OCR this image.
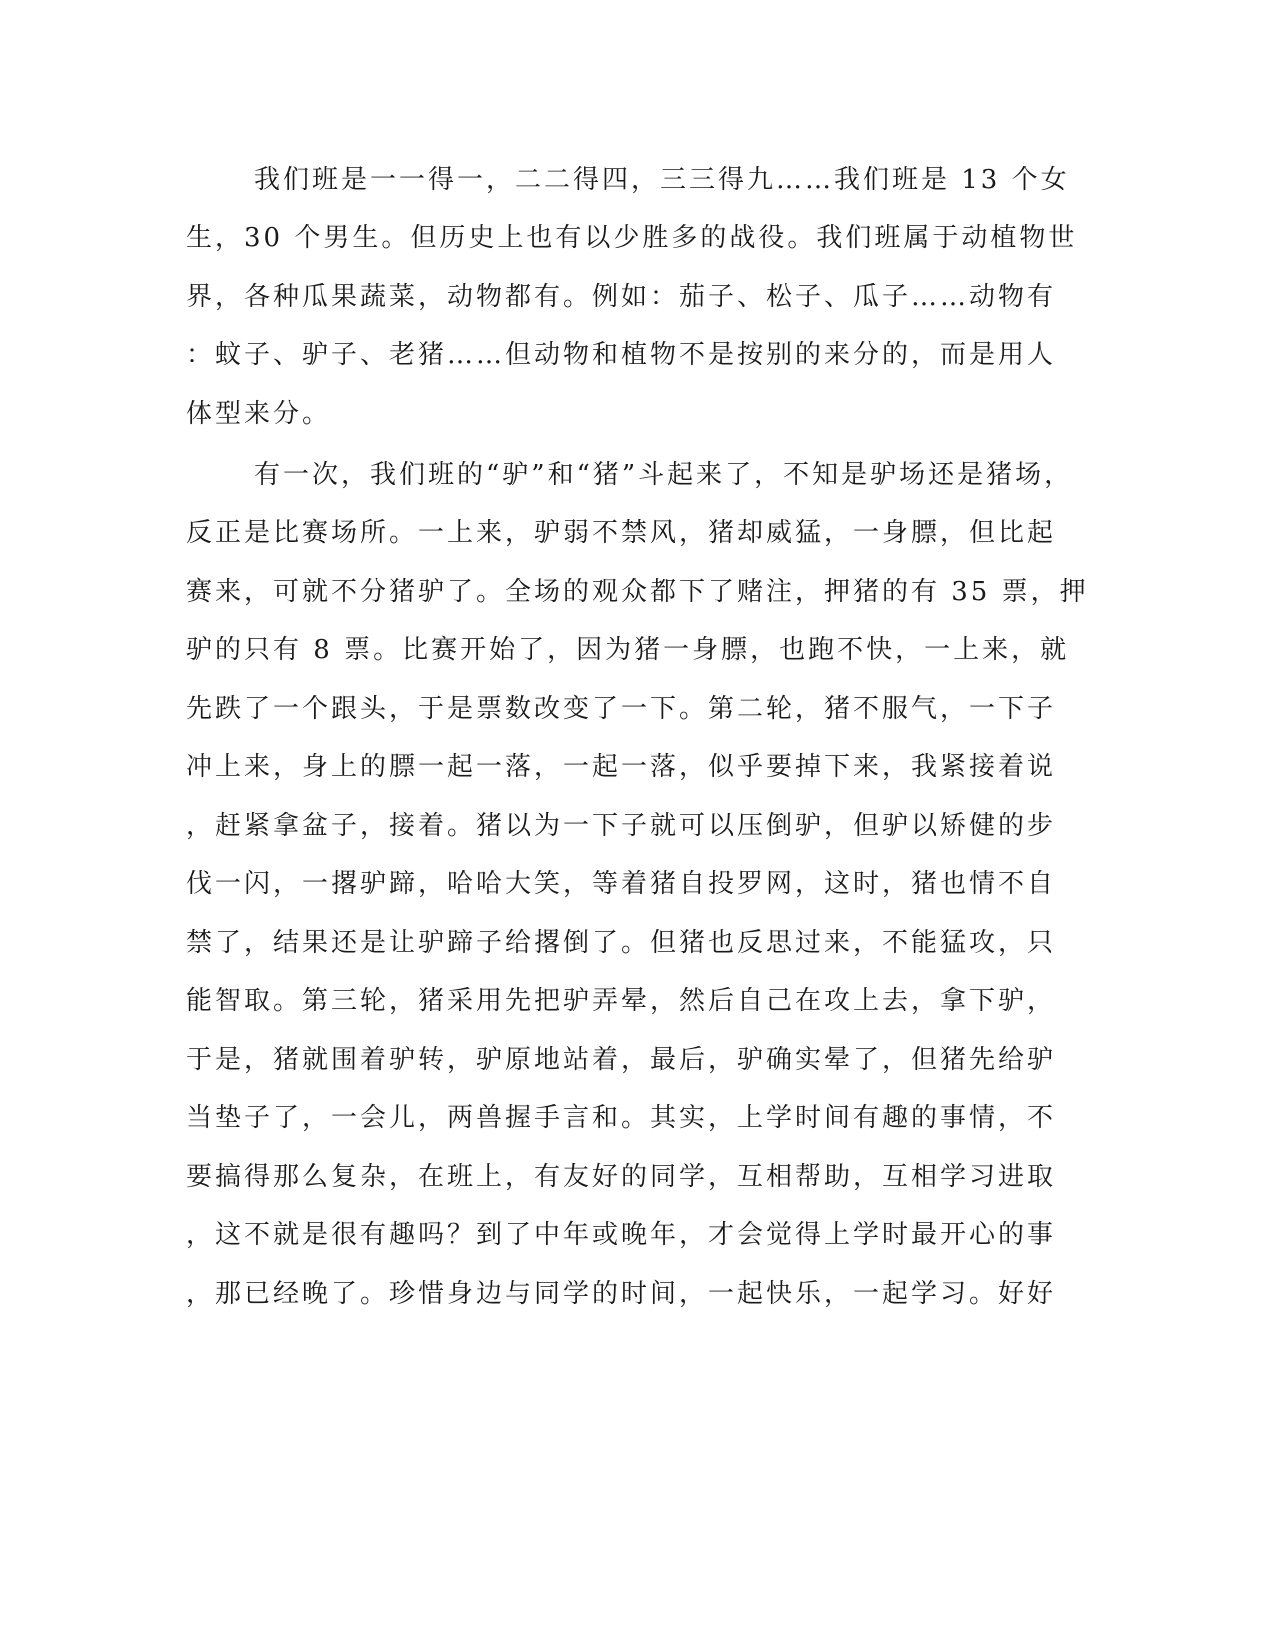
我们班是一一得一，二二得四，三三得九……我们班是 13 个女
生，30 个男生。但历史上也有以少胜多的战役。我们班属于动植物世
界，各种瓜果蔬菜，动物都有。例如：茄子、松子、瓜子……动物有
：蚊子、驴子、老猪……但动物和植物不是按别的来分的，而是用人
体型来分。
有一次，我们班的“驴”和“猪”斗起来了，不知是驴场还是猪场，
反正是比赛场所。一上来，驴弱不禁风，猪却威猛，一身膘，但比起
赛来，可就不分猪驴了。全场的观众都下了赌注，押猪的有 35 票，押
驴的只有 8 票。比赛开始了，因为猪一身膘，也跑不快，一上来，就
先跌了一个跟头，于是票数改变了一下。第二轮，猪不服气，一下子
冲上来，身上的膘一起一落，一起一落，似乎要掉下来，我紧接着说
，赶紧拿盆子，接着。猪以为一下子就可以压倒驴，但驴以矫健的步
伐一闪，一撂驴蹄，哈哈大笑，等着猪自投罗网，这时，猪也情不自
禁了，结果还是让驴蹄子给撂倒了。但猪也反思过来，不能猛攻，只
能智取。第三轮，猪采用先把驴弄晕，然后自己在攻上去，拿下驴，
于是，猪就围着驴转，驴原地站着，最后，驴确实晕了，但猪先给驴
当垫子了，一会儿，两兽握手言和。其实，上学时间有趣的事情，不
要搞得那么复杂，在班上，有友好的同学，互相帮助，互相学习进取
，这不就是很有趣吗？到了中年或晚年，才会觉得上学时最开心的事
，那已经晚了。珍惜身边与同学的时间，一起快乐，一起学习。好好
